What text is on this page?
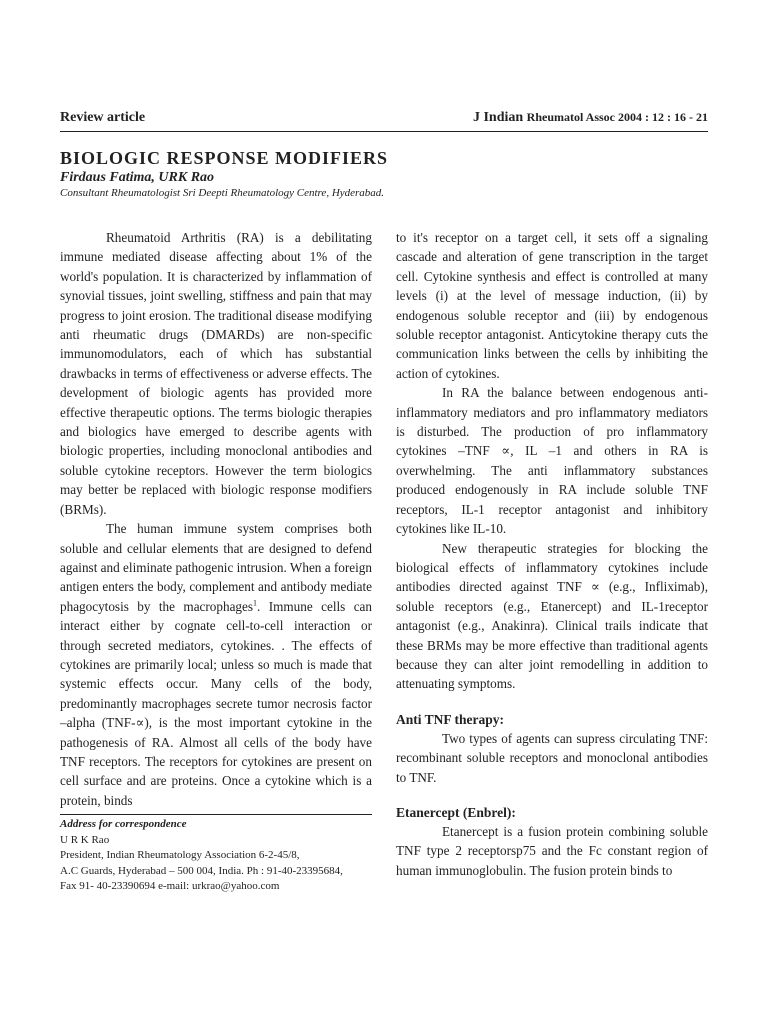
Review article	J Indian Rheumatol Assoc 2004 : 12 : 16 - 21
BIOLOGIC RESPONSE MODIFIERS
Firdaus Fatima, URK Rao
Consultant Rheumatologist Sri Deepti Rheumatology Centre, Hyderabad.

Rheumatoid Arthritis (RA) is a debilitating immune mediated disease affecting about 1% of the world's population. It is characterized by inflammation of synovial tissues, joint swelling, stiffness and pain that may progress to joint erosion. The traditional disease modifying anti rheumatic drugs (DMARDs) are non-specific immunomodulators, each of which has substantial drawbacks in terms of effectiveness or adverse effects. The development of biologic agents has provided more effective therapeutic options. The terms biologic therapies and biologics have emerged to describe agents with biologic properties, including monoclonal antibodies and soluble cytokine receptors. However the term biologics may better be replaced with biologic response modifiers (BRMs).

The human immune system comprises both soluble and cellular elements that are designed to defend against and eliminate pathogenic intrusion. When a foreign antigen enters the body, complement and antibody mediate phagocytosis by the macrophages$^1$. Immune cells can interact either by cognate cell-to-cell interaction or through secreted mediators, cytokines. . The effects of cytokines are primarily local; unless so much is made that systemic effects occur. Many cells of the body, predominantly macrophages secrete tumor necrosis factor –alpha (TNF-∝), is the most important cytokine in the pathogenesis of RA. Almost all cells of the body have TNF receptors. The receptors for cytokines are present on cell surface and are proteins. Once a cytokine which is a protein, binds

Address for correspondence
U R K Rao
President, Indian Rheumatology Association 6-2-45/8,
A.C Guards, Hyderabad – 500 004, India. Ph : 91-40-23395684,
Fax 91- 40-23390694 e-mail: urkrao@yahoo.com

to it's receptor on a target cell, it sets off a signaling cascade and alteration of gene transcription in the target cell. Cytokine synthesis and effect is controlled at many levels (i) at the level of message induction, (ii) by endogenous soluble receptor and (iii) by endogenous soluble receptor antagonist. Anticytokine therapy cuts the communication links between the cells by inhibiting the action of cytokines.

In RA the balance between endogenous anti-inflammatory mediators and pro inflammatory mediators is disturbed. The production of pro inflammatory cytokines –TNF ∝, IL –1 and others in RA is overwhelming. The anti inflammatory substances produced endogenously in RA include soluble TNF receptors, IL-1 receptor antagonist and inhibitory cytokines like IL-10.

New therapeutic strategies for blocking the biological effects of inflammatory cytokines include antibodies directed against TNF ∝ (e.g., Infliximab), soluble receptors (e.g., Etanercept) and IL-1receptor antagonist (e.g., Anakinra). Clinical trails indicate that these BRMs may be more effective than traditional agents because they can alter joint remodelling in addition to attenuating symptoms.

Anti TNF therapy:

Two types of agents can supress circulating TNF: recombinant soluble receptors and monoclonal antibodies to TNF.

Etanercept (Enbrel):

Etanercept is a fusion protein combining soluble TNF type 2 receptorsp75 and the Fc constant region of human immunoglobulin. The fusion protein binds to
